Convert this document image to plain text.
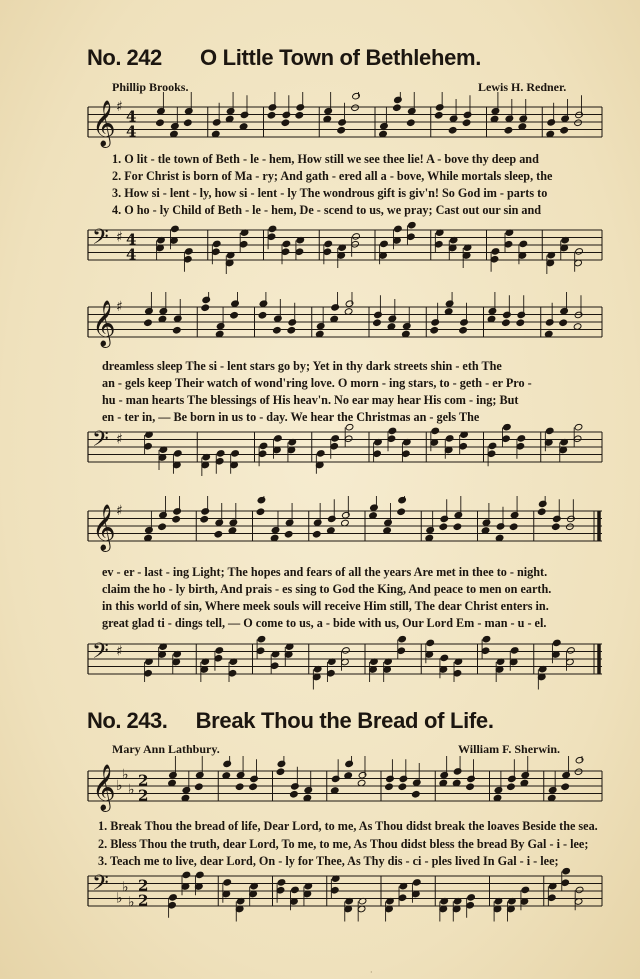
No. 242 O Little Town of Bethlehem.
Phillip Brooks.	Lewis H. Redner.
𝄞 ♯
4
4
1. O lit - tle town of Beth - le - hem, How still we see thee lie! A - bove thy deep and
2. For Christ is born of Ma - ry; And gath - ered all a - bove, While mortals sleep, the
3. How si - lent - ly, how si - lent - ly The wondrous gift is giv'n! So God im - parts to
4. O ho - ly Child of Beth - le - hem, De - scend to us, we pray; Cast out our sin and
𝄢 ♯ 4
4
𝄞 ♯
dreamless sleep The si - lent stars go by; Yet in thy dark streets shin - eth The
an - gels keep Their watch of wond'ring love. O morn - ing stars, to - geth - er Pro -
hu - man hearts The blessings of His heav'n. No ear may hear His com - ing; But
en - ter in, — Be born in us to - day. We hear the Christmas an - gels The
𝄢 ♯
𝄞 ♯
ev - er - last - ing Light; The hopes and fears of all the years Are met in thee to - night.
claim the ho - ly birth, And prais - es sing to God the King, And peace to men on earth.
in this world of sin, Where meek souls will receive Him still, The dear Christ enters in.
great glad ti - dings tell, — O come to us, a - bide with us, Our Lord Em - man - u - el.
𝄢 ♯
No. 243. Break Thou the Bread of Life.
Mary Ann Lathbury.	William F. Sherwin.
𝄞 ♭
♭
♭
2
2
1. Break Thou the bread of life, Dear Lord, to me, As Thou didst break the loaves Beside the sea.
2. Bless Thou the truth, dear Lord, To me, to me, As Thou didst bless the bread By Gal - i - lee;
3. Teach me to live, dear Lord, On - ly for Thee, As Thy dis - ci - ples lived In Gal - i - lee;
𝄢 ♭
♭
♭
2
2
·
